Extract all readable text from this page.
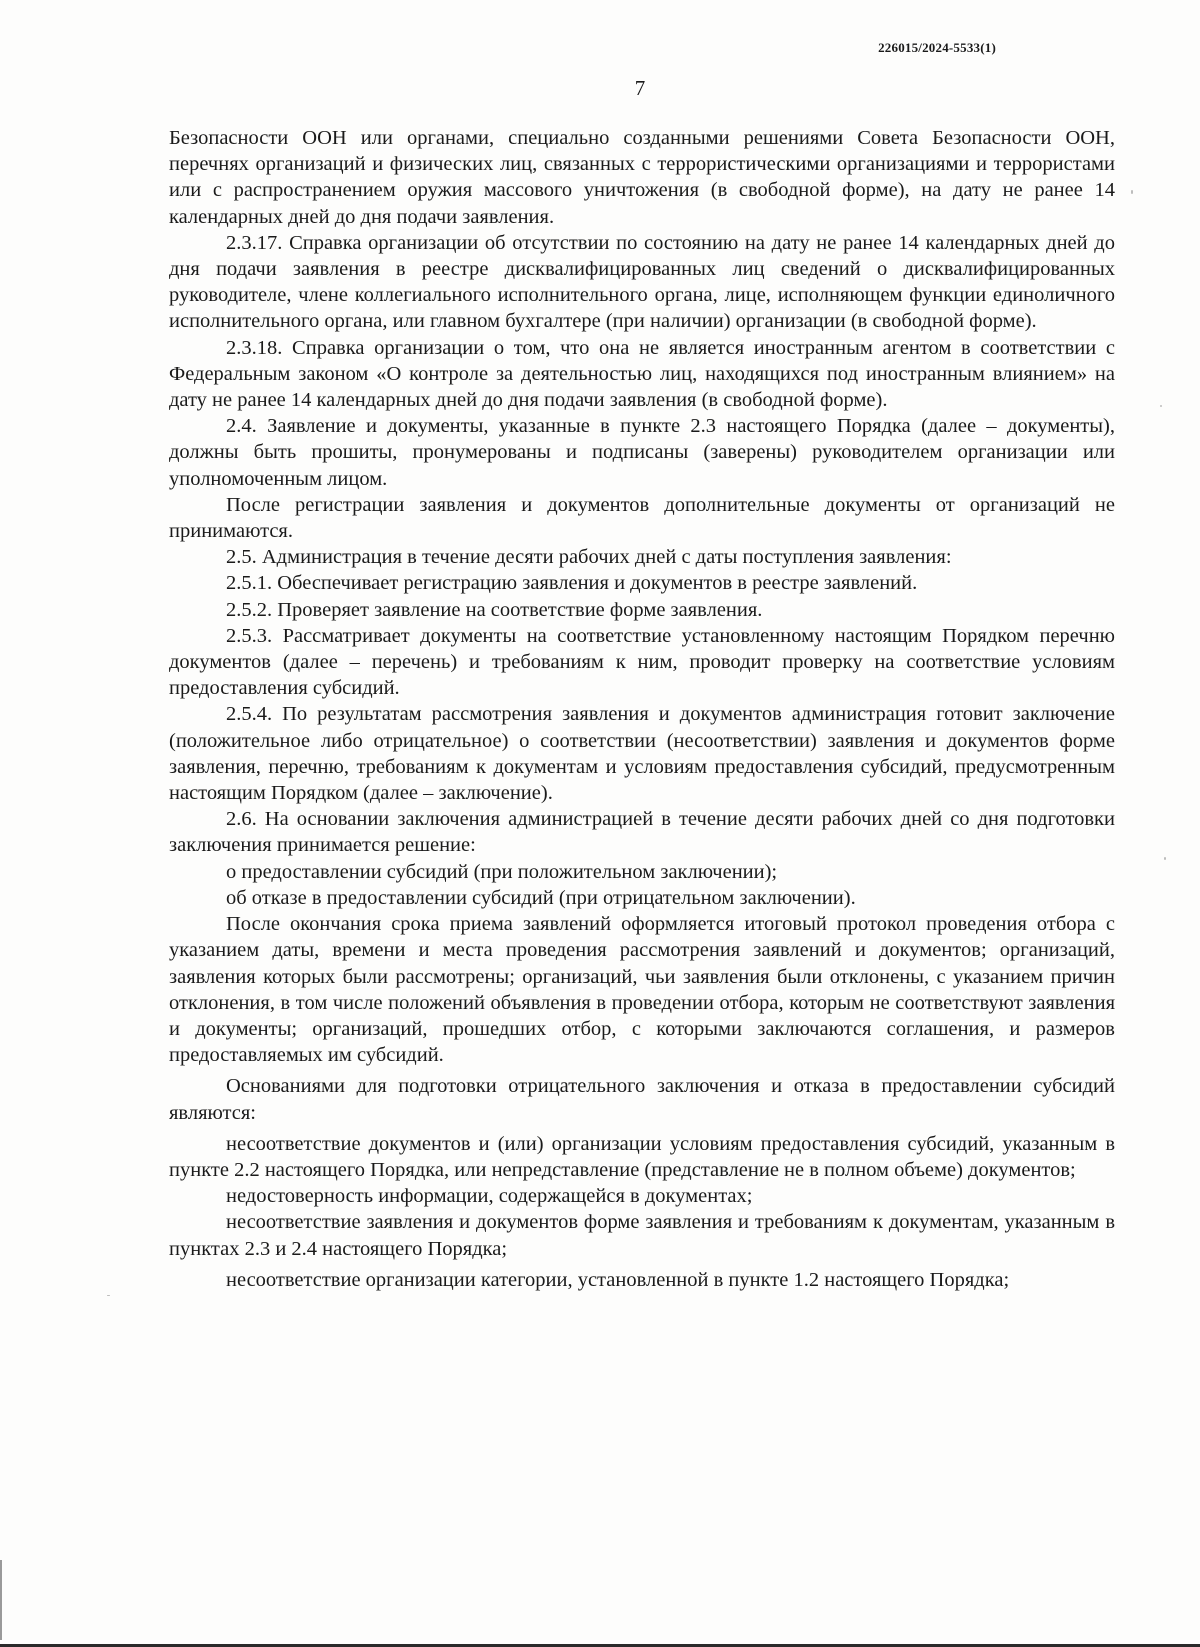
226015/2024-5533(1)
7

Безопасности ООН или органами, специально созданными решениями Совета Безопасности ООН, перечнях организаций и физических лиц, связанных с террористическими организациями и террористами или с распространением оружия массового уничтожения (в свободной форме), на дату не ранее 14 календарных дней до дня подачи заявления.

2.3.17. Справка организации об отсутствии по состоянию на дату не ранее 14 календарных дней до дня подачи заявления в реестре дисквалифицированных лиц сведений о дисквалифицированных руководителе, члене коллегиального исполнительного органа, лице, исполняющем функции единоличного исполнительного органа, или главном бухгалтере (при наличии) организации (в свободной форме).

2.3.18. Справка организации о том, что она не является иностранным агентом в соответствии с Федеральным законом «О контроле за деятельностью лиц, находящихся под иностранным влиянием» на дату не ранее 14 календарных дней до дня подачи заявления (в свободной форме).

2.4. Заявление и документы, указанные в пункте 2.3 настоящего Порядка (далее – документы), должны быть прошиты, пронумерованы и подписаны (заверены) руководителем организации или уполномоченным лицом.

После регистрации заявления и документов дополнительные документы от организаций не принимаются.

2.5. Администрация в течение десяти рабочих дней с даты поступления заявления:

2.5.1. Обеспечивает регистрацию заявления и документов в реестре заявлений.

2.5.2. Проверяет заявление на соответствие форме заявления.

2.5.3. Рассматривает документы на соответствие установленному настоящим Порядком перечню документов (далее – перечень) и требованиям к ним, проводит проверку на соответствие условиям предоставления субсидий.

2.5.4. По результатам рассмотрения заявления и документов администрация готовит заключение (положительное либо отрицательное) о соответствии (несоответствии) заявления и документов форме заявления, перечню, требованиям к документам и условиям предоставления субсидий, предусмотренным настоящим Порядком (далее – заключение).

2.6. На основании заключения администрацией в течение десяти рабочих дней со дня подготовки заключения принимается решение:

о предоставлении субсидий (при положительном заключении);

об отказе в предоставлении субсидий (при отрицательном заключении).

После окончания срока приема заявлений оформляется итоговый протокол проведения отбора с указанием даты, времени и места проведения рассмотрения заявлений и документов; организаций, заявления которых были рассмотрены; организаций, чьи заявления были отклонены, с указанием причин отклонения, в том числе положений объявления в проведении отбора, которым не соответствуют заявления и документы; организаций, прошедших отбор, с которыми заключаются соглашения, и размеров предоставляемых им субсидий.

Основаниями для подготовки отрицательного заключения и отказа в предоставлении субсидий являются:

несоответствие документов и (или) организации условиям предоставления субсидий, указанным в пункте 2.2 настоящего Порядка, или непредставление (представление не в полном объеме) документов;

недостоверность информации, содержащейся в документах;

несоответствие заявления и документов форме заявления и требованиям к документам, указанным в пунктах 2.3 и 2.4 настоящего Порядка;

несоответствие организации категории, установленной в пункте 1.2 настоящего Порядка;
